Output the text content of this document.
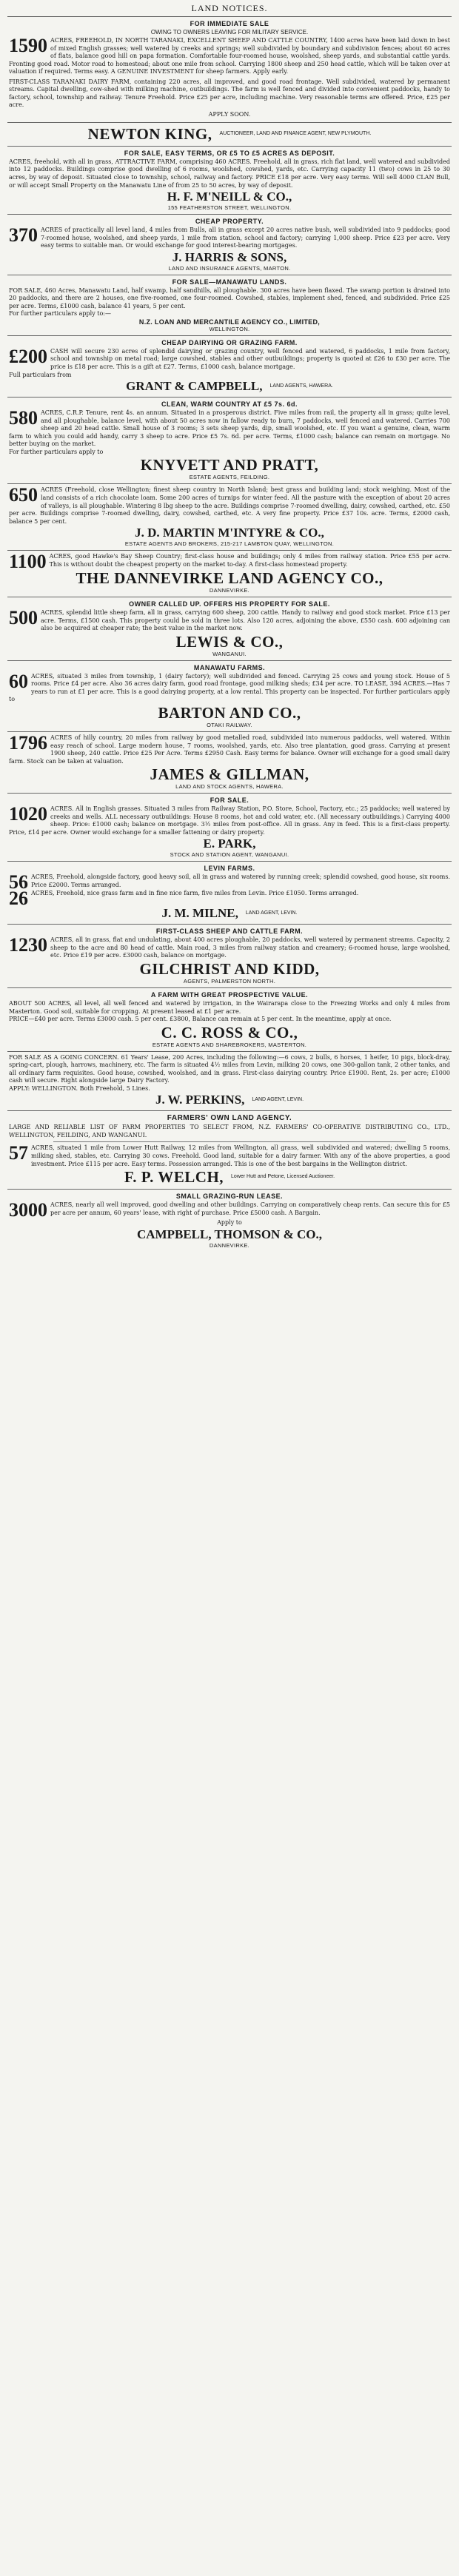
LAND NOTICES.
FOR IMMEDIATE SALE
OWING TO OWNERS LEAVING FOR MILITARY SERVICE.
1590 ACRES, FREEHOLD, IN NORTH TARANAKI, EXCELLENT SHEEP AND CATTLE COUNTRY, 1400 acres have been laid down in best of mixed English grasses; well watered by creeks and springs; well subdivided by boundary and subdivision fences; about 60 acres of flats, balance good hill on papa formation. Comfortable four-roomed house, woolshed, sheep yards, and substantial cattle yards. Fronting good road. Motor road to homestead; about one mile from school. Carrying 1800 sheep and 250 head cattle, which will be taken over at valuation if required. Terms easy. A GENUINE INVESTMENT for sheep farmers. Apply early.
FIRST-CLASS TARANAKI DAIRY FARM, containing 220 acres, all improved, and good road frontage. Well subdivided, watered by permanent streams. Capital dwelling, cow-shed with milking machine, outbuildings. The farm is well fenced and divided into convenient paddocks, handy to factory, school, township and railway. Tenure Freehold. Price £25 per acre, including machine. Very reasonable terms are offered. Price, £25 per acre.
APPLY SOON.
NEWTON KING, AUCTIONEER, LAND AND FINANCE AGENT, NEW PLYMOUTH.
FOR SALE, EASY TERMS, OR £5 TO £5 ACRES AS DEPOSIT.
ACRES, freehold, with all in grass, ATTRACTIVE FARM, comprising 460 ACRES. Freehold, all in grass, rich flat land, well watered and subdivided into 12 paddocks. Buildings comprise good dwelling of 6 rooms, woolshed, cowshed, yards, etc. Carrying capacity 11 (two) cows in 25 to 30 acres, by way of deposit. Situated close to township, school, railway and factory. PRICE £18 per acre. Very easy terms. Will sell 4000 CLAN Bull, or will accept Small Property on the Manawatu Line of from 25 to 50 acres, by way of deposit.
H. F. M'NEILL & CO.,
155 FEATHERSTON STREET, WELLINGTON.
CHEAP PROPERTY.
370 ACRES of practically all level land, 4 miles from Bulls, all in grass except 20 acres native bush, well subdivided into 9 paddocks; good 7-roomed house, woolshed, and sheep yards, 1 mile from station, school and factory; carrying 1,000 sheep. Price £23 per acre. Very easy terms to suitable man. Or would exchange for good interest-bearing mortgages.
J. HARRIS & SONS,
LAND AND INSURANCE AGENTS, MARTON.
FOR SALE—MANAWATU LANDS.
FOR SALE, 460 Acres, Manawatu Land, half swamp, half sandhills, all ploughable. 300 acres have been flaxed. The swamp portion is drained into 20 paddocks, and there are 2 houses, one five-roomed, one four-roomed. Cowshed, stables, implement shed, fenced, and subdivided. Price £25 per acre. Terms, £1000 cash, balance 41 years, 5 per cent.
For further particulars apply to:—
N.Z. LOAN AND MERCANTILE AGENCY CO., LIMITED,
WELLINGTON.
CHEAP DAIRYING OR GRAZING FARM.
£200 CASH will secure 230 acres of splendid dairying or grazing country, well fenced and watered, 6 paddocks, 1 mile from factory, school and township on metal road; large cowshed, stables and other outbuildings; property is quoted at £26 to £30 per acre. The price is £18 per acre. This is a gift at £27. Terms, £1000 cash, balance mortgage.
Full particulars from
GRANT & CAMPBELL, LAND AGENTS, HAWERA.
CLEAN, WARM COUNTRY AT £5 7s. 6d.
580 ACRES, C.R.P. Tenure, rent 4s. an annum. Situated in a prosperous district. Five miles from rail, the property all in grass; quite level, and all ploughable, balance level, with about 50 acres now in fallow ready to burn, 7 paddocks, well fenced and watered. Carries 700 sheep and 20 head cattle. Small house of 3 rooms; 3 sets sheep yards, dip, small woolshed, etc. If you want a genuine, clean, warm farm to which you could add handy, carry 3 sheep to acre. Price £5 7s. 6d. per acre. Terms, £1000 cash; balance can remain on mortgage. No better buying on the market.
For further particulars apply to
KNYVETT AND PRATT,
ESTATE AGENTS, FEILDING.
650 ACRES (Freehold, close Wellington; finest sheep country in North Island; best grass and building land; stock weighing. Most of the land consists of a rich chocolate loam. Some 200 acres of turnips for winter feed. All the pasture with the exception of about 20 acres of valleys, is all ploughable. Wintering 8 lbg sheep to the acre. Buildings comprise 7-roomed dwelling, dairy, cowshed, carthed, etc. £50 per acre. Buildings comprise 7-roomed dwelling, dairy, cowshed, carthed, etc. A very fine property. Price £37 10s. acre. Terms, £2000 cash, balance 5 per cent.
J. D. MARTIN M'INTYRE & CO.,
ESTATE AGENTS AND BROKERS, 215-217 LAMBTON QUAY, WELLINGTON.
1100 ACRES, good Hawke's Bay Sheep Country; first-class house and buildings; only 4 miles from railway station. Price £55 per acre. This is without doubt the cheapest property on the market to-day. A first-class homestead property.
THE DANNEVIRKE LAND AGENCY CO.,
DANNEVIRKE.
OWNER CALLED UP. OFFERS HIS PROPERTY FOR SALE.
500 ACRES, splendid little sheep farm, all in grass, carrying 600 sheep, 200 cattle. Handy to railway and good stock market. Price £13 per acre. Terms, £1500 cash. This property could be sold in three lots. Also 120 acres, adjoining the above, £550 cash. 600 adjoining can also be acquired at cheaper rate; the best value in the market now.
LEWIS & CO.,
WANGANUI.
MANAWATU FARMS.
60 ACRES, situated 3 miles from township, 1 (dairy factory); well subdivided and fenced. Carrying 25 cows and young stock. House of 5 rooms. Price £4 per acre. Also 36 acres dairy farm, good road frontage, good milking sheds; £34 per acre. TO LEASE, 394 ACRES.—Has 7 years to run at £1 per acre. This is a good dairying property, at a low rental. This property can be inspected. For further particulars apply to
BARTON AND CO.,
OTAKI RAILWAY.
1796 ACRES of hilly country, 20 miles from railway by good metalled road, subdivided into numerous paddocks, well watered. Within easy reach of school. Large modern house, 7 rooms, woolshed, yards, etc. Also tree plantation, good grass. Carrying at present 1900 sheep, 240 cattle. Price £25 Per Acre. Terms £2950 Cash. Easy terms for balance. Owner will exchange for a good small dairy farm. Stock can be taken at valuation.
JAMES & GILLMAN,
LAND AND STOCK AGENTS, HAWERA.
FOR SALE.
1020 ACRES. All in English grasses. Situated 3 miles from Railway Station, P.O. Store, School, Factory, etc.; 25 paddocks; well watered by creeks and wells. ALL necessary outbuildings: House 8 rooms, hot and cold water, etc. (All necessary outbuildings.) Carrying 4000 sheep. Price: £1000 cash; balance on mortgage. 3½ miles from post-office. All in grass. Any in feed. This is a first-class property. Price, £14 per acre. Owner would exchange for a smaller fattening or dairy property.
E. PARK,
STOCK AND STATION AGENT, WANGANUI.
LEVIN FARMS.
56 ACRES, Freehold, alongside factory, good heavy soil, all in grass and watered by running creek; splendid cowshed, good house, six rooms. Price £2000. Terms arranged.
26 ACRES, Freehold, nice grass farm and in fine nice farm, five miles from Levin. Price £1050. Terms arranged.
J. M. MILNE, LAND AGENT, LEVIN.
FIRST-CLASS SHEEP AND CATTLE FARM.
1230 ACRES, all in grass, flat and undulating, about 400 acres ploughable, 20 paddocks, well watered by permanent streams. Capacity, 2 sheep to the acre and 80 head of cattle. Main road, 3 miles from railway station and creamery; 6-roomed house, large woolshed, etc. Price £19 per acre. £3000 cash, balance on mortgage.
GILCHRIST AND KIDD,
AGENTS, PALMERSTON NORTH.
A FARM WITH GREAT PROSPECTIVE VALUE.
ABOUT 500 ACRES, all level, all well fenced and watered by irrigation, in the Wairarapa close to the Freezing Works and only 4 miles from Masterton. Good soil, suitable for cropping. At present leased at £1 per acre.
PRICE—£40 per acre. Terms £3000 cash. 5 per cent. £3800, Balance can remain at 5 per cent. In the meantime, apply at once.
C. C. ROSS & CO.,
ESTATE AGENTS AND SHAREBROKERS, MASTERTON.
FOR SALE AS A GOING CONCERN. 61 Years' Lease, 200 Acres, including the following:—6 cows, 2 bulls, 6 horses, 1 heifer, 10 pigs, block-dray, spring-cart, plough, harrows, machinery, etc. The farm is situated 4½ miles from Levin, milking 20 cows, one 300-gallon tank, 2 other tanks, and all ordinary farm requisites. Good house, cowshed, woolshed, and in grass. First-class dairying country. Price £1900. Rent, 2s. per acre; £1000 cash will secure. Right alongside large Dairy Factory.
APPLY: WELLINGTON. Both Freehold, 5 Lines.
J. W. PERKINS, LAND AGENT, LEVIN.
FARMERS' OWN LAND AGENCY.
LARGE AND RELIABLE LIST OF FARM PROPERTIES TO SELECT FROM, N.Z. FARMERS' CO-OPERATIVE DISTRIBUTING CO., LTD., WELLINGTON, FEILDING, AND WANGANUI.
57 ACRES, situated 1 mile from Lower Hutt Railway, 12 miles from Wellington, all grass, well subdivided and watered; dwelling 5 rooms, milking shed, stables, etc. Carrying 30 cows. Freehold. Good land, suitable for a dairy farmer. With any of the above properties, a good investment. Price £115 per acre. Easy terms. Possession arranged. This is one of the best bargains in the Wellington district.
F. P. WELCH, Lower Hutt and Petone, Licensed Auctioneer.
SMALL GRAZING-RUN LEASE.
3000 ACRES, nearly all well improved, good dwelling and other buildings. Carrying on comparatively cheap rents. Can secure this for £5 per acre per annum, 60 years' lease, with right of purchase. Price £5000 cash. A Bargain.
Apply to
CAMPBELL, THOMSON & CO.,
DANNEVIRKE.
